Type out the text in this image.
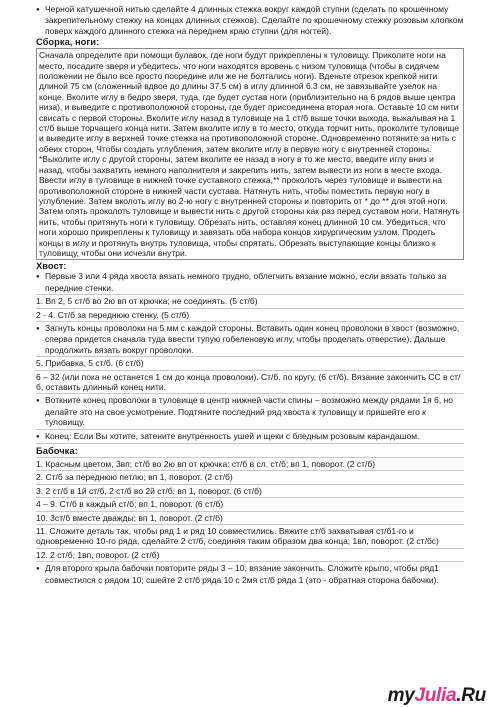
● Черной катушечной нитью сделайте 4 длинных стежка вокруг каждой ступни (сделать по крошечному закрепительному стежку на концах длинных стежков). Сделайте по крошечному стежку розовым хлопком поверх каждого длинного стежка на переднем краю ступни (для ногтей).

Сборка, ноги:

Сначала определите при помощи булавок, где ноги будут прикреплены к туловищу. Приколите ноги на место, посадите зверя и убедитесь, что ноги находятся вровень с низом туловища (чтобы в сидячем положении не было все просто посредине или же не болтались ноги). Вденьте отрезок крепкой нити длиной 75 см (сложенный вдвое до длины 37.5 см) в иглу длинной 6.3 см, не завязывайте узелок на конце. Вколите иглу в бедро зверя, туда, где будет сустав ноги (приблизительно на 6 рядов выше центра низа), и выведите с противоположной стороны, где будет присоединена вторая нога. Оставьте 10 см нити свисать с первой стороны. Вколите иглу назад в туловище на 1 ст/б выше точки выхода, выкалывая на 1 ст/б выше торчащего конца нити. Затем вколите иглу в то место, откуда торчит нить, проколите туловище и выведите иглу в верхней точке стежка на противоположной стороне. Одновременно потяните за нить с обеих сторон, Чтобы создать углубления, затем вколите иглу в первую ногу с внутренней стороны. *Выколите иглу с другой стороны, затем вколите ее назад в ногу в то же место, введите иглу вниз и назад, чтобы захватить немного наполнителя и закрепить нить, затем вывести из ноги в месте входа. Ввести иглу в туловище в нижней точке суставного стежка,** проколоть через туловище и вывести на противоположной стороне в нижней части сустава. Натянуть нить, чтобы поместить первую ногу в углубление. Затем вколоть иглу во 2-ю ногу с внутренней стороны и повторить от * до ** для этой ноги. Затем опять проколоть туловище и вывести нить с другой стороны как раз перед суставом ноги. Натянуть нить, чтобы притянуть ноги к туловищу. Обрезать нить, оставляя конец длинной 10 см. Убедиться, что ноги хорошо прикреплены к туловищу и завязать оба набора концов хирургическим узлом. Продеть концы в иглу и протянуть внутрь туловища, чтобы спрятать. Обрезать выступающие концы близко к туловищу, чтобы они исчезли внутри.

Хвост:

● Первые 3 или 4 ряда хвоста вязать немного трудно, облегчить вязание можно, если вязать только за передние стенки.

1. Вп 2, 5 ст/б во 2ю вп от крючка; не соединять. (5 ст/б)

2 - 4. Ст/б за переднюю стенку. (5 ст/б)

● Загнуть концы проволоки на 5 мм с каждой стороны. Вставить один конец проволоки в хвост (возможно, сперва придется сначала туда ввести тупую гобеленовую иглу, чтобы проделать отверстие). Дальше продолжить вязать вокруг проволоки.

5. Прибавка, 5 ст/б. (6 ст/б)

6 – 32 (или пока не останется 1 см до конца проволоки). Ст/б. по кругу, (6 ст/б). Вязание закончить СС в ст/б, оставить длинный конец нити.

● Воткните конец проволоки в туловище в центр нижней части спины – возможно между рядами 1я 6, но делайте это на свое усмотрение. Подтяните последний ряд хвоста к туловищу и пришейте его к туловищу.

● Конец: Если Вы хотите, затените внутренность ушей и щеки с бледным розовым карандашом.

Бабочка:

1. Красным цветом, 3вп; ст/б во 2ю вп от крючка: ст/б в сл. ст/б; вп 1, поворот. (2 ст/б)

2. Ст/б за переднюю петлю; вп 1, поворот. (2 ст/б)

3. 2 ст/б в 1й ст/б, 2 ст/б во 2й ст/б; вп 1, поворот. (6 ст/б)

4 – 9. Ст/б в каждый ст/б; вп 1, поворот. (6 ст/б)

10. 3ст/б вместе дважды; вп 1, поворот. (2 ст/б)

11. Сложите деталь так, чтобы ряд 1 и ряд 10 совместились. Вяжите ст/б захватывая ст/б1-го и одновременно 10-го ряда, сделайте 2 ст/б, соединяя таким образом два конца; 1вп, поворот. (2 ст/бс)

12. 2 ст/б; 1вп, поворот. (2 ст/б)

● Для второго крыла бабочки повторите ряды 3 – 10; вязание закончить. Сложите крыло, чтобы ряд1 совместился с рядом 10; сшейте 2 ст/б ряда 10 с 2мя ст/б ряда 1 (это - обратная сторона бабочки).

myJulia.Ru
